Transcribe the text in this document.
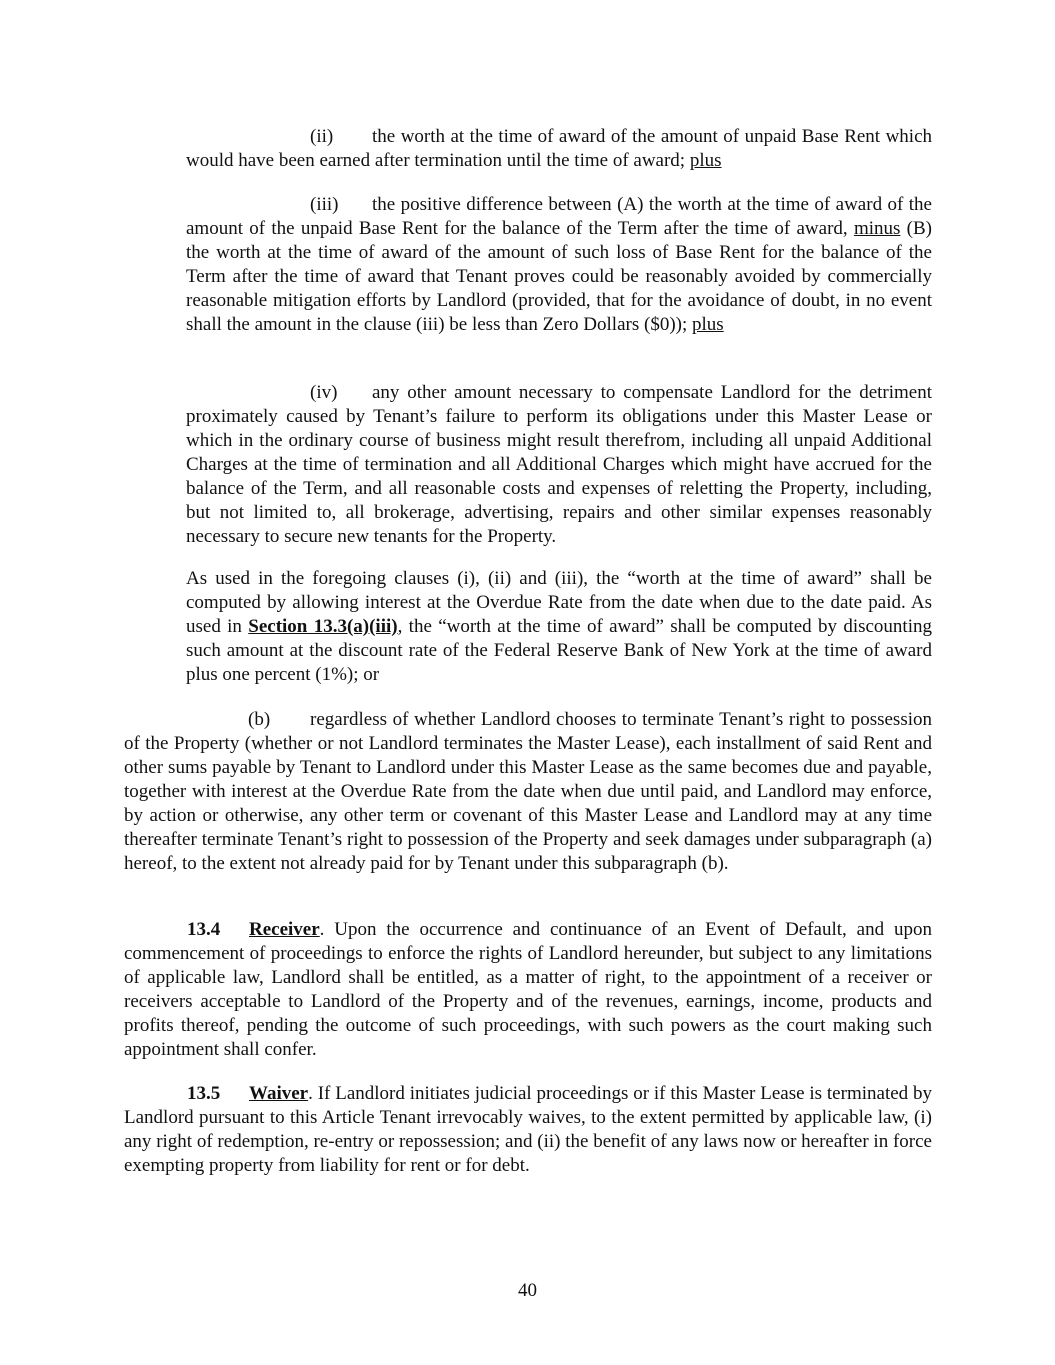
(ii) the worth at the time of award of the amount of unpaid Base Rent which would have been earned after termination until the time of award; plus

(iii) the positive difference between (A) the worth at the time of award of the amount of the unpaid Base Rent for the balance of the Term after the time of award, minus (B) the worth at the time of award of the amount of such loss of Base Rent for the balance of the Term after the time of award that Tenant proves could be reasonably avoided by commercially reasonable mitigation efforts by Landlord (provided, that for the avoidance of doubt, in no event shall the amount in the clause (iii) be less than Zero Dollars ($0)); plus

(iv) any other amount necessary to compensate Landlord for the detriment proximately caused by Tenant’s failure to perform its obligations under this Master Lease or which in the ordinary course of business might result therefrom, including all unpaid Additional Charges at the time of termination and all Additional Charges which might have accrued for the balance of the Term, and all reasonable costs and expenses of reletting the Property, including, but not limited to, all brokerage, advertising, repairs and other similar expenses reasonably necessary to secure new tenants for the Property.

As used in the foregoing clauses (i), (ii) and (iii), the “worth at the time of award” shall be computed by allowing interest at the Overdue Rate from the date when due to the date paid. As used in Section 13.3(a)(iii), the “worth at the time of award” shall be computed by discounting such amount at the discount rate of the Federal Reserve Bank of New York at the time of award plus one percent (1%); or

(b) regardless of whether Landlord chooses to terminate Tenant’s right to possession of the Property (whether or not Landlord terminates the Master Lease), each installment of said Rent and other sums payable by Tenant to Landlord under this Master Lease as the same becomes due and payable, together with interest at the Overdue Rate from the date when due until paid, and Landlord may enforce, by action or otherwise, any other term or covenant of this Master Lease and Landlord may at any time thereafter terminate Tenant’s right to possession of the Property and seek damages under subparagraph (a) hereof, to the extent not already paid for by Tenant under this subparagraph (b).

13.4 Receiver. Upon the occurrence and continuance of an Event of Default, and upon commencement of proceedings to enforce the rights of Landlord hereunder, but subject to any limitations of applicable law, Landlord shall be entitled, as a matter of right, to the appointment of a receiver or receivers acceptable to Landlord of the Property and of the revenues, earnings, income, products and profits thereof, pending the outcome of such proceedings, with such powers as the court making such appointment shall confer.

13.5 Waiver. If Landlord initiates judicial proceedings or if this Master Lease is terminated by Landlord pursuant to this Article Tenant irrevocably waives, to the extent permitted by applicable law, (i) any right of redemption, re-entry or repossession; and (ii) the benefit of any laws now or hereafter in force exempting property from liability for rent or for debt.

40
